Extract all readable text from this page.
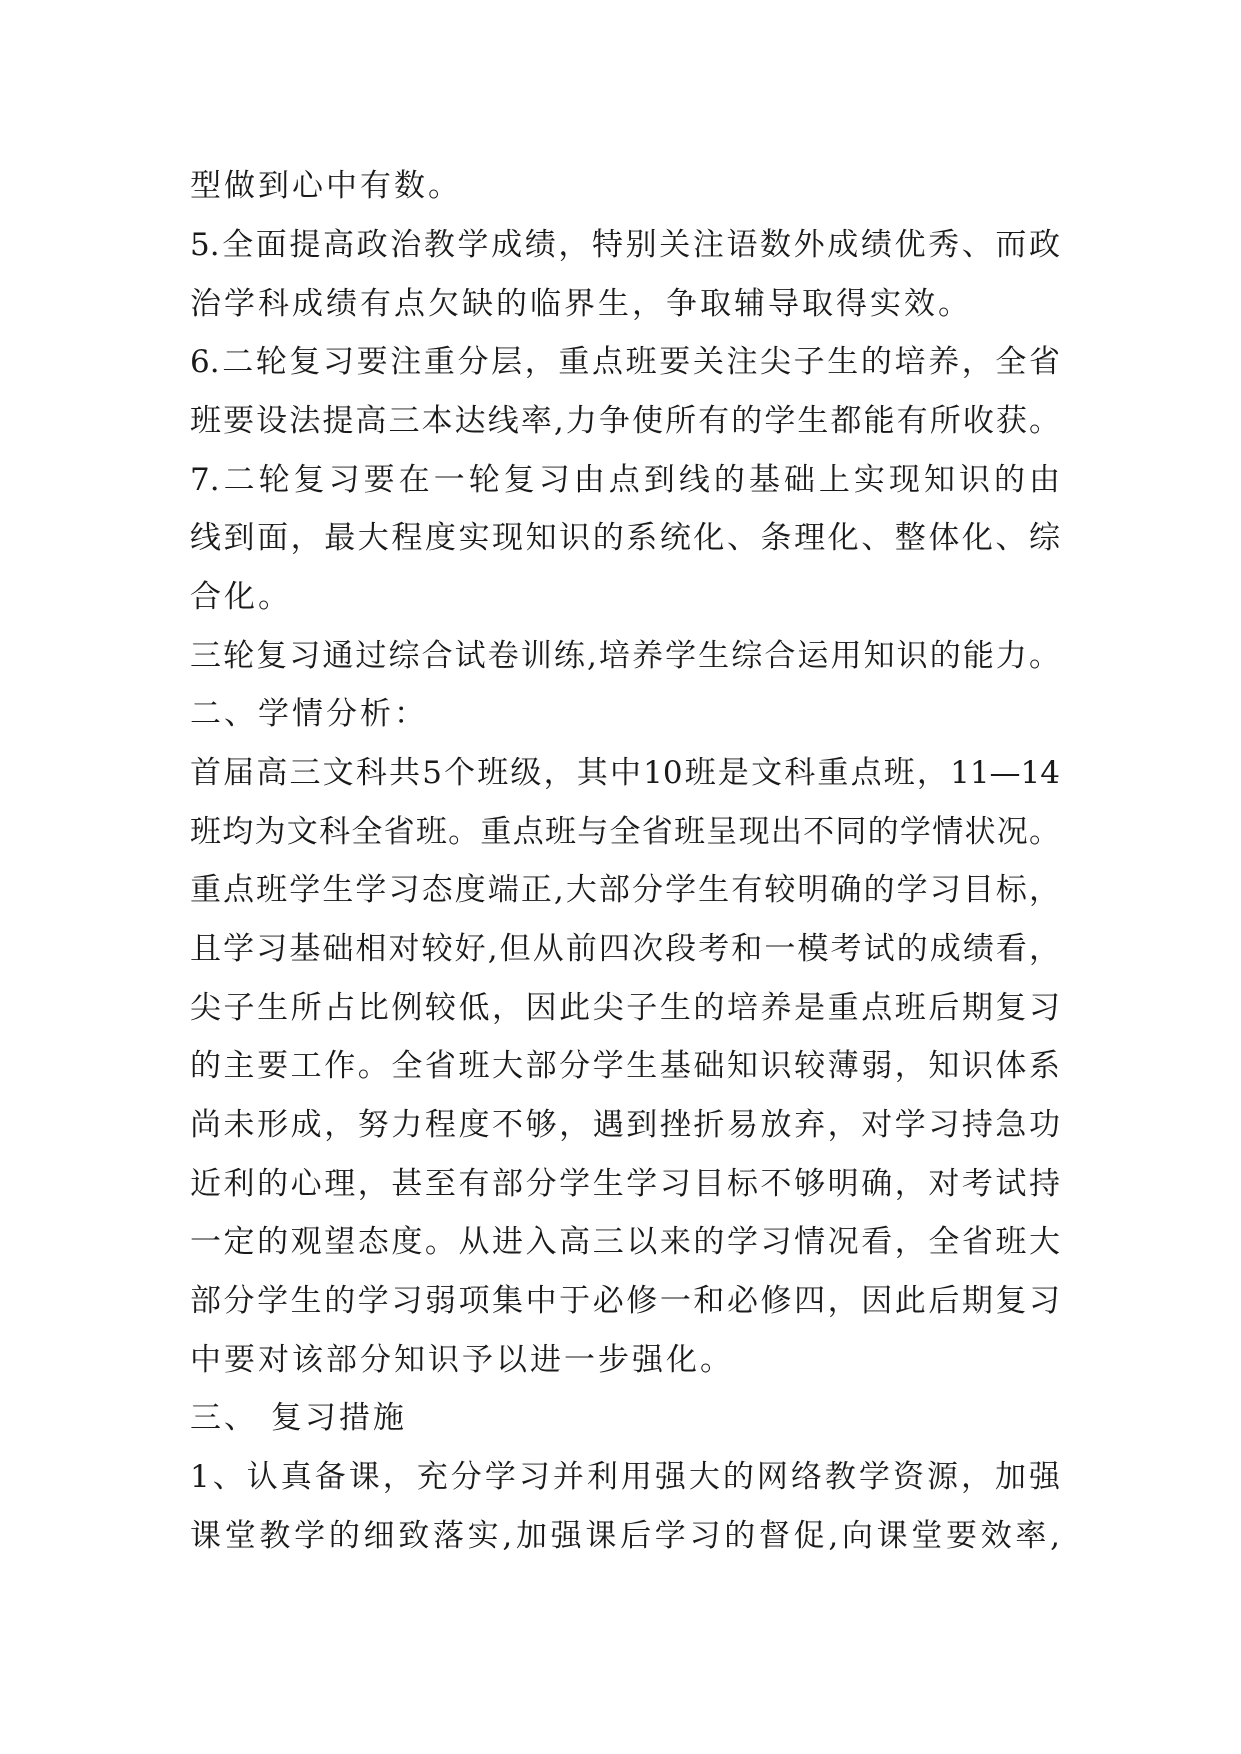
型做到心中有数。
5.全面提高政治教学成绩，特别关注语数外成绩优秀、而政
治学科成绩有点欠缺的临界生，争取辅导取得实效。
6.二轮复习要注重分层，重点班要关注尖子生的培养，全省
班要设法提高三本达线率,力争使所有的学生都能有所收获。
7.二轮复习要在一轮复习由点到线的基础上实现知识的由
线到面，最大程度实现知识的系统化、条理化、整体化、综
合化。
三轮复习通过综合试卷训练,培养学生综合运用知识的能力。
二、学情分析：
首届高三文科共5个班级，其中10班是文科重点班，11—14
班均为文科全省班。重点班与全省班呈现出不同的学情状况。
重点班学生学习态度端正,大部分学生有较明确的学习目标，
且学习基础相对较好,但从前四次段考和一模考试的成绩看，
尖子生所占比例较低，因此尖子生的培养是重点班后期复习
的主要工作。全省班大部分学生基础知识较薄弱，知识体系
尚未形成，努力程度不够，遇到挫折易放弃，对学习持急功
近利的心理，甚至有部分学生学习目标不够明确，对考试持
一定的观望态度。从进入高三以来的学习情况看，全省班大
部分学生的学习弱项集中于必修一和必修四，因此后期复习
中要对该部分知识予以进一步强化。
三、 复习措施
1、认真备课，充分学习并利用强大的网络教学资源，加强
课堂教学的细致落实,加强课后学习的督促,向课堂要效率,
